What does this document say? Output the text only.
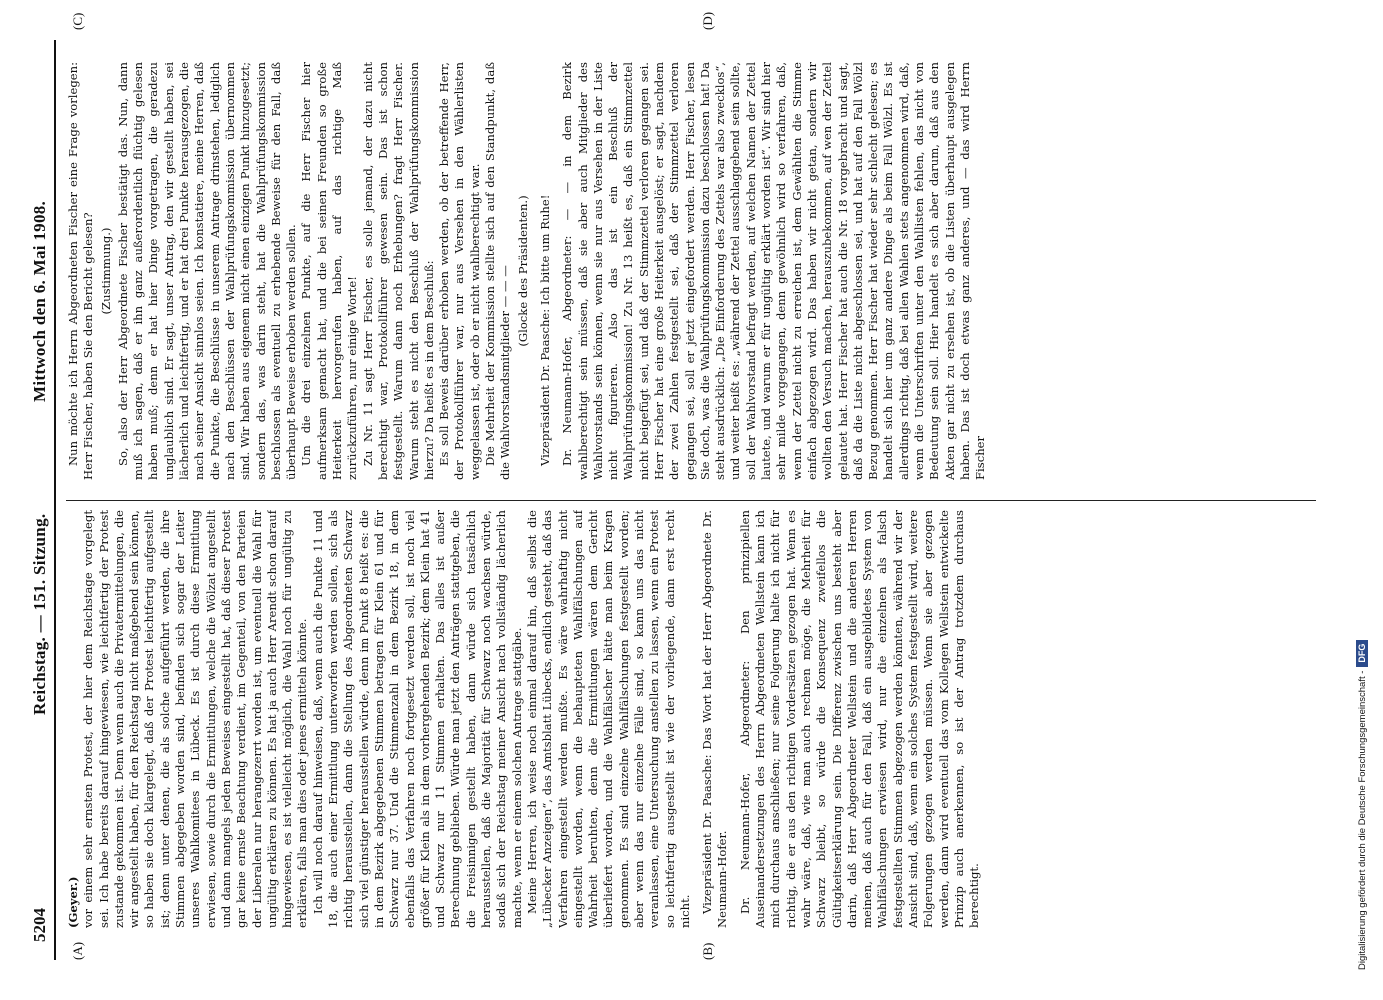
5204
Reichstag. — 151. Sitzung.
Mittwoch den 6. Mai 1908.
(A)	(B)
(C)	(D)

(Geyer.) vor einem sehr ernsten Protest, der hier dem Reichstage vorgelegt sei. Ich habe bereits darauf hingewiesen, wie leichtfertig der Protest zustande gekommen ist. Denn wenn auch die Privatermittelungen, die wir angestellt haben, für den Reichstag nicht maßgebend sein können, so haben sie doch klargelegt, daß der Protest leichtfertig aufgestellt ist; denn unter denen, die als solche aufgeführt werden, die ihre Stimmen abgegeben worden sind, befinden sich sogar der Leiter unseres Wahlkomitees in Lübeck. Es ist durch diese Ermittlung erwiesen, sowie durch die Ermittlungen, welche die Wölzat angestellt und dann mangels jeden Beweises eingestellt hat, daß dieser Protest gar keine ernste Beachtung verdient, im Gegenteil, von den Parteien der Liberalen nur herangezerrt worden ist, um eventuell die Wahl für ungültig erklären zu können. Es hat ja auch Herr Arendt schon darauf hingewiesen, es ist vielleicht möglich, die Wahl noch für ungültig zu erklären, falls man dies oder jenes ermitteln könnte. Ich will noch darauf hinweisen, daß, wenn auch die Punkte 11 und 18, die auch einer Ermittlung unterworfen werden sollen, sich als richtig herausstellen, dann die Stellung des Abgeordneten Schwarz sich viel günstiger herausstellen würde, denn im Punkt 8 heißt es: die in dem Bezirk abgegebenen Stimmen betragen für Klein 61 und für Schwarz nur 37. Und die Stimmenzahl in dem Bezirk 18, in dem ebenfalls das Verfahren noch fortgesetzt werden soll, ist noch viel größer für Klein als in dem vorhergehenden Bezirk; dem Klein hat 41 und Schwarz nur 11 Stimmen erhalten. Das alles ist außer Berechnung geblieben. Würde man jetzt den Anträgen stattgeben, die die Freisinnigen gestellt haben, dann würde sich tatsächlich herausstellen, daß die Majorität für Schwarz noch wachsen würde, sodaß sich der Reichstag meiner Ansicht nach vollständig lächerlich machte, wenn er einem solchen Antrage stattgäbe. Meine Herren, ich weise noch einmal darauf hin, daß selbst die „Lübecker Anzeigen“, das Amtsblatt Lübecks, endlich gesteht, daß das Verfahren eingestellt werden mußte. Es wäre wahrhaftig nicht eingestellt worden, wenn die behaupteten Wahlfälschungen auf Wahrheit beruhten, denn die Ermittlungen wären dem Gericht überliefert worden, und die Wahlfälscher hätte man beim Kragen genommen. Es sind einzelne Wahlfälschungen festgestellt worden; aber wenn das nur einzelne Fälle sind, so kann uns das nicht veranlassen, eine Untersuchung anstellen zu lassen, wenn ein Protest so leichtfertig ausgestellt ist wie der vorliegende, dann erst recht nicht. Vizepräsident Dr. Paasche: Das Wort hat der Herr Abgeordnete Dr. Neumann-Hofer. Dr. Neumann-Hofer, Abgeordneter: Den prinzipiellen Auseinandersetzungen des Herrn Abgeordneten Wellstein kann ich mich durchaus anschließen; nur seine Folgerung halte ich nicht für richtig, die er aus den richtigen Vordersätzen gezogen hat. Wenn es wahr wäre, daß, wie man auch rechnen möge, die Mehrheit für Schwarz bleibt, so würde die Konsequenz zweifellos die Gültigkeitserklärung sein. Die Differenz zwischen uns besteht aber darin, daß Herr Abgeordneter Wellstein und die anderen Herren meinen, daß auch für den Fall, daß ein ausgebildetes System von Wahlfälschungen erwiesen wird, nur die einzelnen als falsch festgestellten Stimmen abgezogen werden könnten, während wir der Ansicht sind, daß, wenn ein solches System festgestellt wird, weitere Folgerungen gezogen werden müssen. Wenn sie aber gezogen werden, dann wird eventuell das vom Kollegen Wellstein entwickelte Prinzip auch anerkennen, so ist der Antrag trotzdem durchaus berechtigt.

Nun möchte ich Herrn Abgeordneten Fischer eine Frage vorlegen: Herr Fischer, haben Sie den Bericht gelesen? (Zustimmung.) So, also der Herr Abgeordnete Fischer bestätigt das. Nun, dann muß ich sagen, daß er ihn ganz außerordentlich flüchtig gelesen haben muß; denn er hat hier Dinge vorgetragen, die geradezu unglaublich sind. Er sagt, unser Antrag, den wir gestellt haben, sei lächerlich und leichtfertig, und er hat drei Punkte herausgezogen, die nach seiner Ansicht sinnlos seien. Ich konstatiere, meine Herren, daß die Punkte, die Beschlüsse in unserem Antrage drinstehen, lediglich nach den Beschlüssen der Wahlprüfungskommission übernommen sind. Wir haben aus eigenem nicht einen einzigen Punkt hinzugesetzt; sondern das, was darin steht, hat die Wahlprüfungskommission beschlossen als eventuell zu erhebende Beweise für den Fall, daß überhaupt Beweise erhoben werden sollen. Um die drei einzelnen Punkte, auf die Herr Fischer hier aufmerksam gemacht hat, und die bei seinen Freunden so große Heiterkeit hervorgerufen haben, auf das richtige Maß zurückzuführen, nur einige Worte! Zu Nr. 11 sagt Herr Fischer, es solle jemand, der dazu nicht berechtigt war, Protokollführer gewesen sein. Das ist schon festgestellt. Warum dann noch Erhebungen? fragt Herr Fischer. Warum steht es nicht den Beschluß der Wahlprüfungskommission hierzu? Da heißt es in dem Beschluß: Es soll Beweis darüber erhoben werden, ob der betreffende Herr, der Protokollführer war, nur aus Versehen in den Wählerlisten weggelassen ist, oder ob er nicht wahlberechtigt war. Die Mehrheit der Kommission stellte sich auf den Standpunkt, daß die Wahlvorstandsmitglieder — — — (Glocke des Präsidenten.) Vizepräsident Dr. Paasche: Ich bitte um Ruhe! Dr. Neumann-Hofer, Abgeordneter: — — in dem Bezirk wahlberechtigt sein müssen, daß sie aber auch Mitglieder des Wahlvorstands sein können, wenn sie nur aus Versehen in der Liste nicht figurieren. Also das ist ein Beschluß der Wahlprüfungskommission! Zu Nr. 13 heißt es, daß ein Stimmzettel nicht beigefügt sei, und daß der Stimmzettel verloren gegangen sei. Herr Fischer hat eine große Heiterkeit ausgelöst; er sagt, nachdem der zwei Zahlen festgestellt sei, daß der Stimmzettel verloren gegangen sei, soll er jetzt eingefordert werden. Herr Fischer, lesen Sie doch, was die Wahlprüfungskommission dazu beschlossen hat! Da steht ausdrücklich: „Die Einforderung des Zettels war also zwecklos“, und weiter heißt es: „während der Zettel ausschlaggebend sein sollte, soll der Wahlvorstand befragt werden, auf welchen Namen der Zettel lautete, und warum er für ungültig erklärt worden ist“. Wir sind hier sehr milde vorgegangen, denn gewöhnlich wird so verfahren, daß, wenn der Zettel nicht zu erreichen ist, dem Gewählten die Stimme einfach abgezogen wird. Das haben wir nicht getan, sondern wir wollten den Versuch machen, herauszubekommen, auf wen der Zettel gelautet hat. Herr Fischer hat auch die Nr. 18 vorgebracht und sagt, daß da die Liste nicht abgeschlossen sei, und hat auf den Fall Wölzl Bezug genommen. Herr Fischer hat wieder sehr schlecht gelesen; es handelt sich hier um ganz andere Dinge als beim Fall Wölzl. Es ist allerdings richtig, daß bei allen Wahlen stets angenommen wird, daß, wenn die Unterschriften unter den Wahllisten fehlen, das nicht von Bedeutung sein soll. Hier handelt es sich aber darum, daß aus den Akten gar nicht zu ersehen ist, ob die Listen überhaupt ausgelegen haben. Das ist doch etwas ganz anderes, und — das wird Herrn Fischer

Digitalisierung gefördert durch die Deutsche Forschungsgemeinschaft -DFG
